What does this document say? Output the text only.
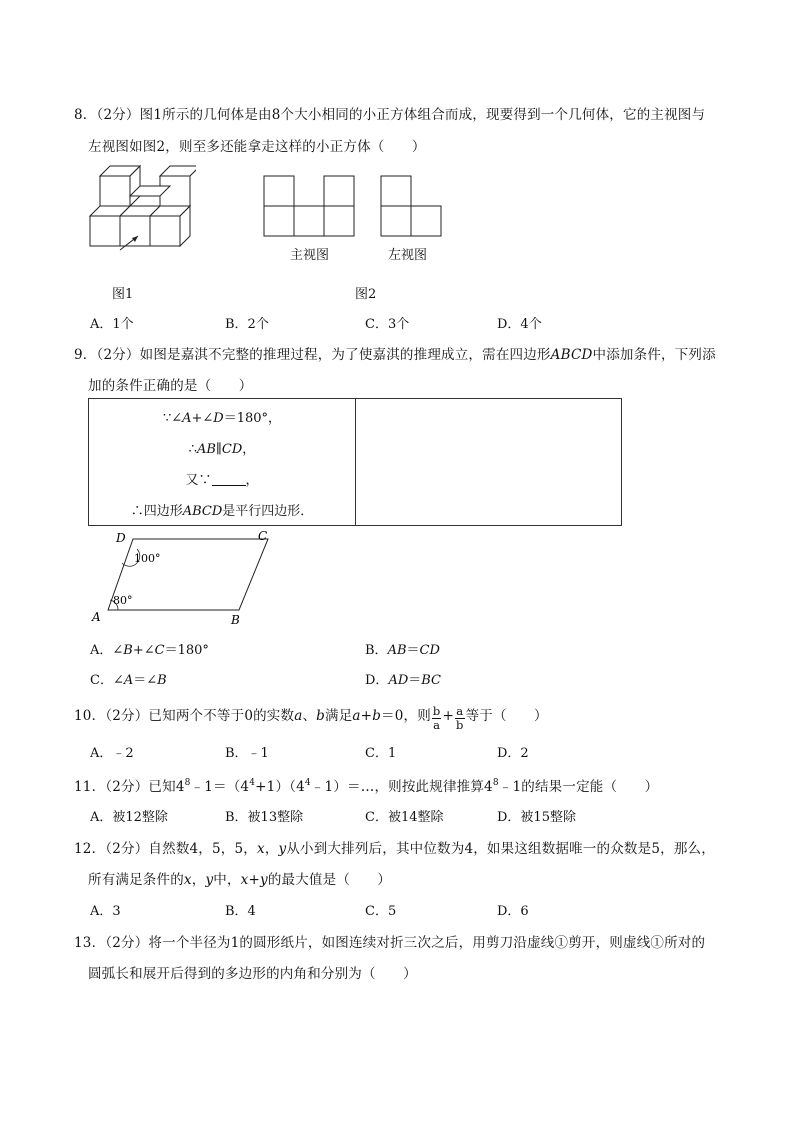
8．（2分）图1所示的几何体是由8个大小相同的小正方体组合而成，现要得到一个几何体，它的主视图与
左视图如图2，则至多还能拿走这样的小正方体（　　）
主视图	左视图
图1	图2
A．1个	B．2个	C．3个	D．4个
9．（2分）如图是嘉淇不完整的推理过程，为了使嘉淇的推理成立，需在四边形ABCD中添加条件，下列添
加的条件正确的是（　　）
∵∠A+∠D＝180°，
∴AB∥CD，
又∵	，
∴四边形ABCD是平行四边形．
D	C
A	B
100°
80°
A．∠B+∠C＝180°	B．AB＝CD
C．∠A＝∠B	D．AD＝BC
10．（2分）已知两个不等于0的实数a、b满足a+b＝0，则 $\frac{b}{a} + \frac{a}{b}$ 等于（　　）
A．﹣2	B．﹣1	C．1	D．2
11．（2分）已知$4^8﹣1=(4^4+1)(4^4﹣1)=\dots$，则按此规律推算$4^8﹣1$的结果一定能（　　）
A．被12整除	B．被13整除	C．被14整除	D．被15整除
12．（2分）自然数4，5，5，x，y从小到大排列后，其中位数为4，如果这组数据唯一的众数是5，那么，
所有满足条件的x，y中，x+y的最大值是（　　）
A．3	B．4	C．5	D．6
13．（2分）将一个半径为1的圆形纸片，如图连续对折三次之后，用剪刀沿虚线①剪开，则虚线①所对的
圆弧长和展开后得到的多边形的内角和分别为（　　）
